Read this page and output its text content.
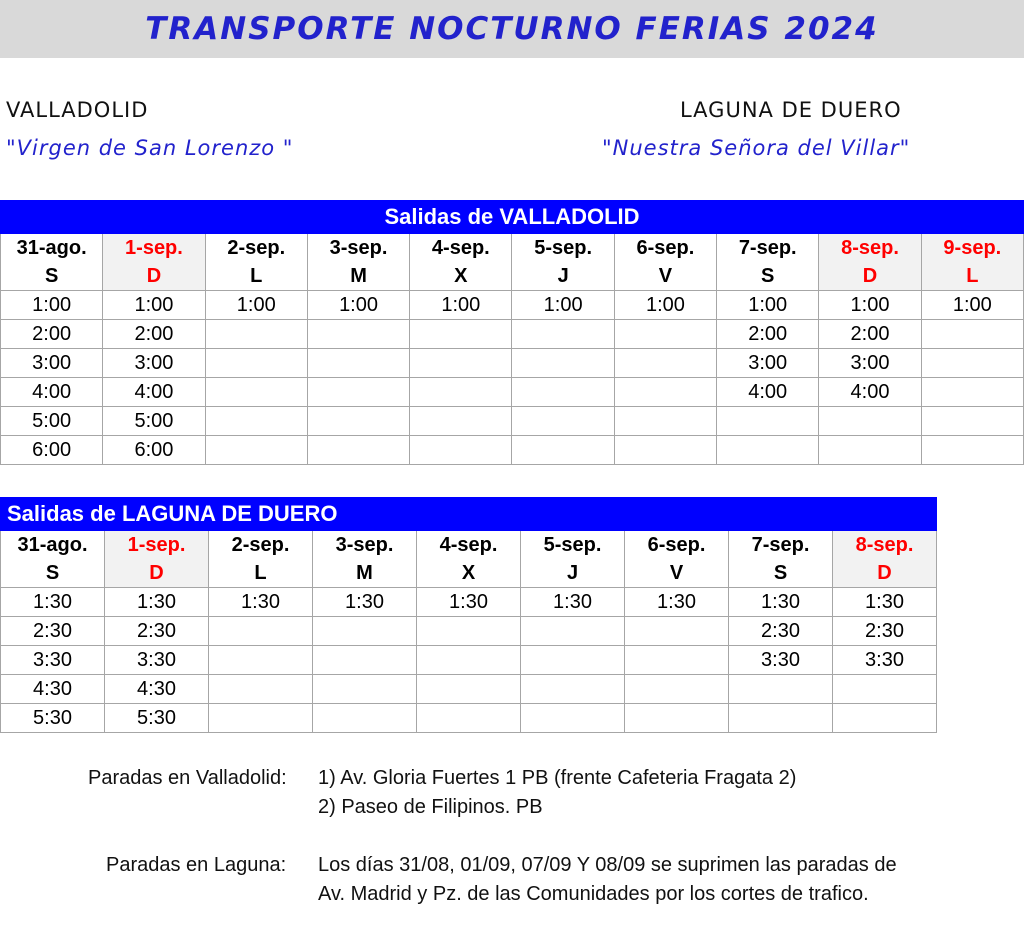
TRANSPORTE NOCTURNO FERIAS 2024
VALLADOLID
"Virgen de San Lorenzo "
LAGUNA DE DUERO
"Nuestra Señora del Villar"
Salidas de VALLADOLID									
31-ago.	1-sep.	2-sep.	3-sep.	4-sep.	5-sep.	6-sep.	7-sep.	8-sep.	9-sep.
S	D	L	M	X	J	V	S	D	L
1:00	1:00	1:00	1:00	1:00	1:00	1:00	1:00	1:00	1:00
2:00	2:00						2:00	2:00	
3:00	3:00						3:00	3:00	
4:00	4:00						4:00	4:00	
5:00	5:00								
6:00	6:00								
Salidas de LAGUNA DE DUERO								
31-ago.	1-sep.	2-sep.	3-sep.	4-sep.	5-sep.	6-sep.	7-sep.	8-sep.
S	D	L	M	X	J	V	S	D
1:30	1:30	1:30	1:30	1:30	1:30	1:30	1:30	1:30
2:30	2:30						2:30	2:30
3:30	3:30						3:30	3:30
4:30	4:30							
5:30	5:30							
Paradas en Valladolid: 1) Av. Gloria Fuertes 1 PB (frente Cafeteria Fragata 2)
2) Paseo de Filipinos. PB
Paradas en Laguna: Los días 31/08, 01/09, 07/09 Y 08/09 se suprimen las paradas de
Av. Madrid y Pz. de las Comunidades por los cortes de trafico.
